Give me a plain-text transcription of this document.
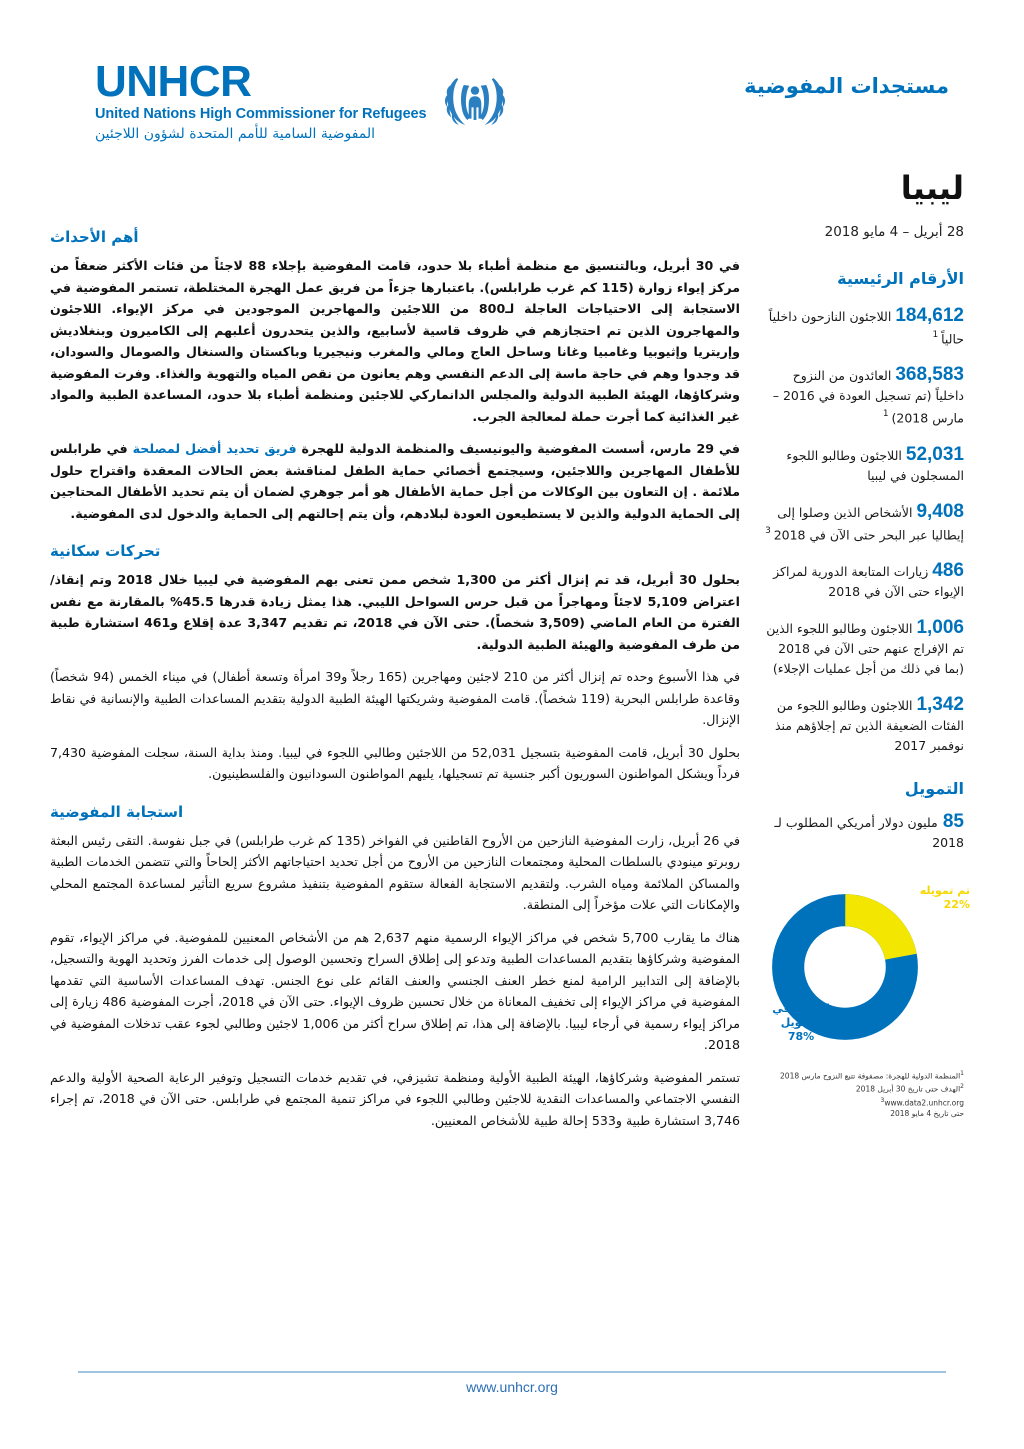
UNHCR
United Nations High Commissioner for Refugees
المفوضية السامية للأمم المتحدة لشؤون اللاجئين
مستجدات المفوضية
ليبيا
28 أبريل – 4 مايو 2018
الأرقام الرئيسية
184,612 اللاجئون النازحون داخلياً حالياً $^1$
368,583 العائدون من النزوح داخلياً (تم تسجيل العودة في 2016 – مارس 2018) $^1$
52,031 اللاجئون وطالبو اللجوء المسجلون في ليبيا
9,408 الأشخاص الذين وصلوا إلى إيطاليا عبر البحر حتى الآن في 2018 $^3$
486 زيارات المتابعة الدورية لمراكز الإيواء حتى الآن في 2018
1,006 اللاجئون وطالبو اللجوء الذين تم الإفراج عنهم حتى الآن في 2018 (بما في ذلك من أجل عمليات الإجلاء)
1,342 اللاجئون وطالبو اللجوء من الفئات الضعيفة الذين تم إجلاؤهم منذ نوفمبر 2017
التمويل
85 مليون دولار أمريكي المطلوب لـ 2018
تم تمويله
22%
النقص في التمويل
78%
$^1$المنظمة الدولية للهجرة: مصفوفة تتبع النزوح مارس 2018
$^2$الهدف حتى تاريخ 30 أبريل 2018
$^3$www.data2.unhcr.org
حتى تاريخ 4 مايو 2018
أهم الأحداث

في 30 أبريل، وبالتنسيق مع منظمة أطباء بلا حدود، قامت المفوضية بإجلاء 88 لاجئاً من فئات الأكثر ضعفاً من مركز إيواء زوارة (115 كم غرب طرابلس). باعتبارها جزءاً من فريق عمل الهجرة المختلطة، تستمر المفوضية في الاستجابة إلى الاحتياجات العاجلة لـ800 من اللاجئين والمهاجرين الموجودين في مركز الإيواء. اللاجئون والمهاجرون الذين تم احتجازهم في ظروف قاسية لأسابيع، والذين يتحدرون أعلبهم إلى الكاميرون وبنغلاديش وإريتريا وإثيوبيا وغامبيا وغانا وساحل العاج ومالي والمغرب ونيجيريا وباكستان والسنغال والصومال والسودان، قد وجدوا وهم في حاجة ماسة إلى الدعم النفسي وهم يعانون من نقص المياه والتهوية والغذاء. وفرت المفوضية وشركاؤها، الهيئة الطبية الدولية والمجلس الدانماركي للاجئين ومنظمة أطباء بلا حدود، المساعدة الطبية والمواد غير الغذائية كما أجرت حملة لمعالجة الجرب.

في 29 مارس، أسست المفوضية واليونيسيف والمنظمة الدولية للهجرة فريق تحديد أفضل لمصلحة في طرابلس للأطفال المهاجرين واللاجئين، وسيجتمع أخصائي حماية الطفل لمناقشة بعض الحالات المعقدة واقتراح حلول ملائمة . إن التعاون بين الوكالات من أجل حماية الأطفال هو أمر جوهري لضمان أن يتم تحديد الأطفال المحتاجين إلى الحماية الدولية والذين لا يستطيعون العودة لبلادهم، وأن يتم إحالتهم إلى الحماية والدخول لدى المفوضية.

تحركات سكانية

بحلول 30 أبريل، قد تم إنزال أكثر من 1,300 شخص ممن تعنى بهم المفوضية في ليبيا خلال 2018 وتم إنقاذ/اعتراض 5,109 لاجئاً ومهاجراً من قبل حرس السواحل الليبي. هذا يمثل زيادة قدرها 45.5% بالمقارنة مع نفس الفترة من العام الماضي (3,509 شخصاً). حتى الآن في 2018، تم تقديم 3,347 عدة إقلاع و461 استشارة طبية من طرف المفوضية والهيئة الطبية الدولية.

في هذا الأسبوع وحده تم إنزال أكثر من 210 لاجئين ومهاجرين (165 رجلاً و39 امرأة وتسعة أطفال) في ميناء الخمس (94 شخصاً) وقاعدة طرابلس البحرية (119 شخصاً). قامت المفوضية وشريكتها الهيئة الطبية الدولية بتقديم المساعدات الطبية والإنسانية في نقاط الإنزال.

بحلول 30 أبريل، قامت المفوضية بتسجيل 52,031 من اللاجئين وطالبي اللجوء في ليبيا. ومنذ بداية السنة، سجلت المفوضية 7,430 فرداً ويشكل المواطنون السوريون أكبر جنسية تم تسجيلها، يليهم المواطنون السودانيون والفلسطينيون.

استجابة المفوضية

في 26 أبريل، زارت المفوضية النازحين من الأروح القاطنين في الفواخر (135 كم غرب طرابلس) في جبل نفوسة. التقى رئيس البعثة روبرتو مينودي بالسلطات المحلية ومجتمعات النازحين من الأروح من أجل تحديد احتياجاتهم الأكثر إلحاحاً والتي تتضمن الخدمات الطبية والمساكن الملائمة ومياه الشرب. ولتقديم الاستجابة الفعالة ستقوم المفوضية بتنفيذ مشروع سريع التأثير لمساعدة المجتمع المحلي والإمكانات التي علات مؤخراً إلى المنطقة.

هناك ما يقارب 5,700 شخص في مراكز الإيواء الرسمية منهم 2,637 هم من الأشخاص المعنيين للمفوضية. في مراكز الإيواء، تقوم المفوضية وشركاؤها بتقديم المساعدات الطبية وتدعو إلى إطلاق السراح وتحسين الوصول إلى خدمات الفرز وتحديد الهوية والتسجيل، بالإضافة إلى التدابير الرامية لمنع خطر العنف الجنسي والعنف القائم على نوع الجنس. تهدف المساعدات الأساسية التي تقدمها المفوضية في مراكز الإيواء إلى تخفيف المعاناة من خلال تحسين ظروف الإيواء. حتى الآن في 2018، أجرت المفوضية 486 زيارة إلى مراكز إيواء رسمية في أرجاء ليبيا. بالإضافة إلى هذا، تم إطلاق سراح أكثر من 1,006 لاجئين وطالبي لجوء عقب تدخلات المفوضية في 2018.

تستمر المفوضية وشركاؤها، الهيئة الطبية الأولية ومنظمة تشيزفي، في تقديم خدمات التسجيل وتوفير الرعاية الصحية الأولية والدعم النفسي الاجتماعي والمساعدات النقدية للاجئين وطالبي اللجوء في مراكز تنمية المجتمع في طرابلس. حتى الآن في 2018، تم إجراء 3,746 استشارة طبية و533 إحالة طبية للأشخاص المعنيين.

www.unhcr.org
